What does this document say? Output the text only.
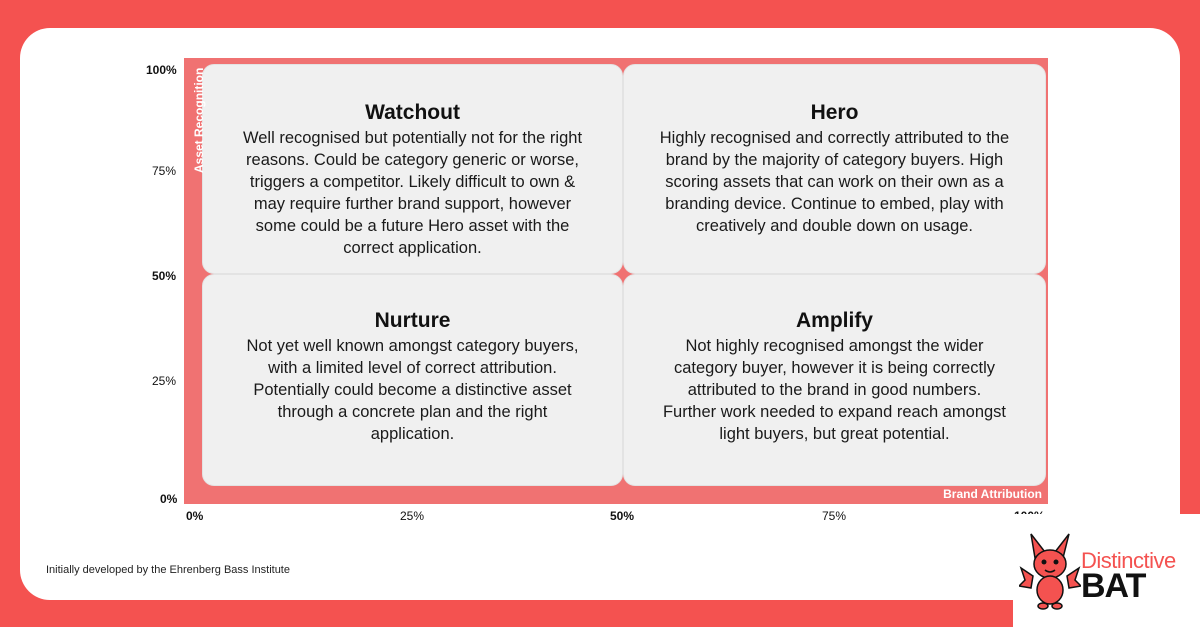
Watchout

Well recognised but potentially not for the right reasons. Could be category generic or worse, triggers a competitor. Likely difficult to own & may require further brand support, however some could be a future Hero asset with the correct application.

Hero

Highly recognised and correctly attributed to the brand by the majority of category buyers. High scoring assets that can work on their own as a branding device. Continue to embed, play with creatively and double down on usage.

Nurture

Not yet well known amongst category buyers, with a limited level of correct attribution. Potentially could become a distinctive asset through a concrete plan and the right application.

Amplify

Not highly recognised amongst the wider category buyer, however it is being correctly attributed to the brand in good numbers. Further work needed to expand reach amongst light buyers, but great potential.

Asset Recognition
Brand Attribution
100%
75%
50%
25%
0%
0%	25%	50%	75%
Initially developed by the Ehrenberg Bass Institute	Distinctive
BAT
